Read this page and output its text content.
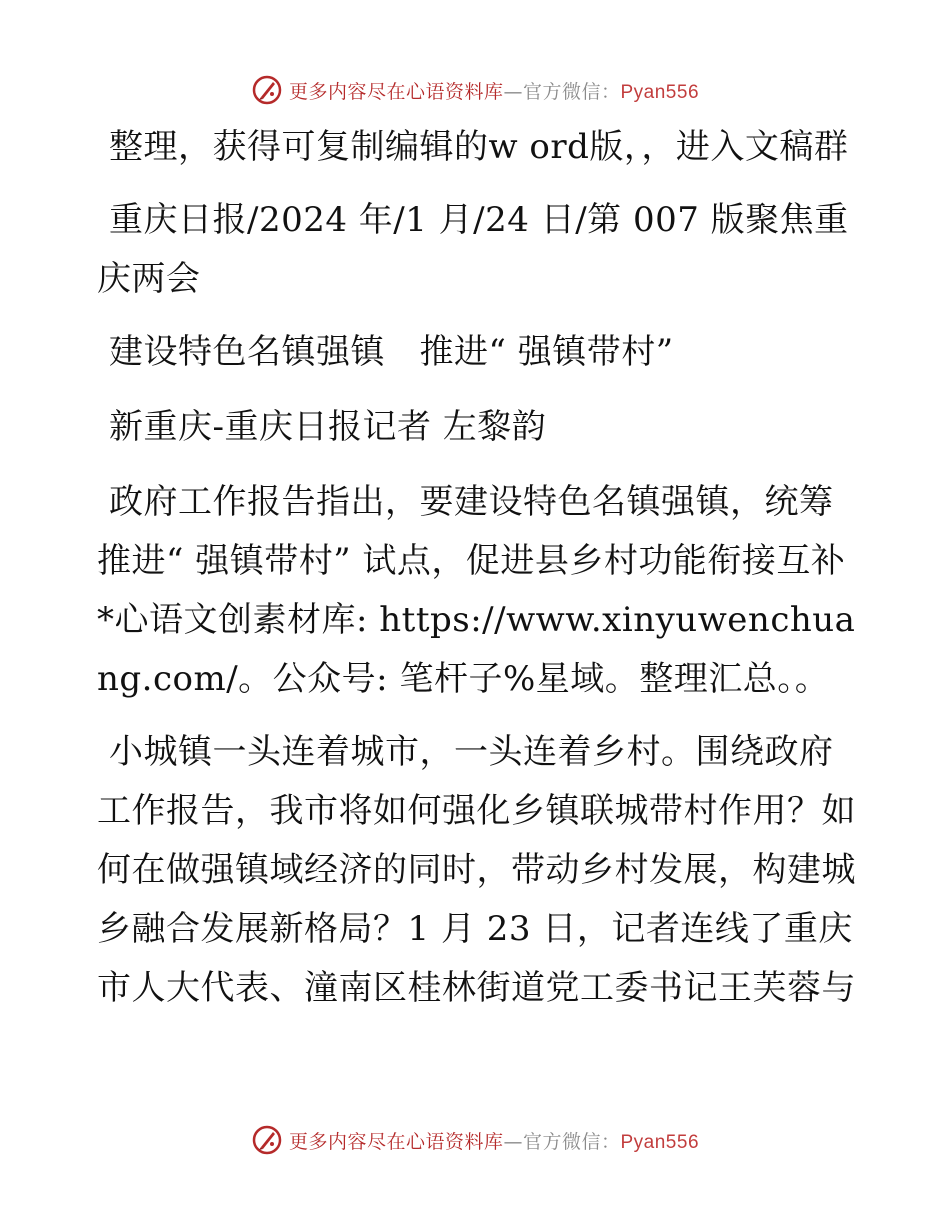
更多内容尽在心语资料库—官方微信：Pyan556

整理，获得可复制编辑的w ord版，，进入文稿群

重庆日报/2024 年/1 月/24 日/第 007 版聚焦重庆两会

建设特色名镇强镇　推进“ 强镇带村”

新重庆-重庆日报记者 左黎韵

政府工作报告指出，要建设特色名镇强镇，统筹推进“ 强镇带村” 试点，促进县乡村功能衔接互补*心语文创素材库: https://www.xinyuwenchuang.com/。公众号: 笔杆子%星域。整理汇总。。

小城镇一头连着城市，一头连着乡村。围绕政府工作报告，我市将如何强化乡镇联城带村作用？如何在做强镇域经济的同时，带动乡村发展，构建城乡融合发展新格局？1 月 23 日，记者连线了重庆市人大代表、潼南区桂林街道党工委书记王芙蓉与

更多内容尽在心语资料库—官方微信：Pyan556
